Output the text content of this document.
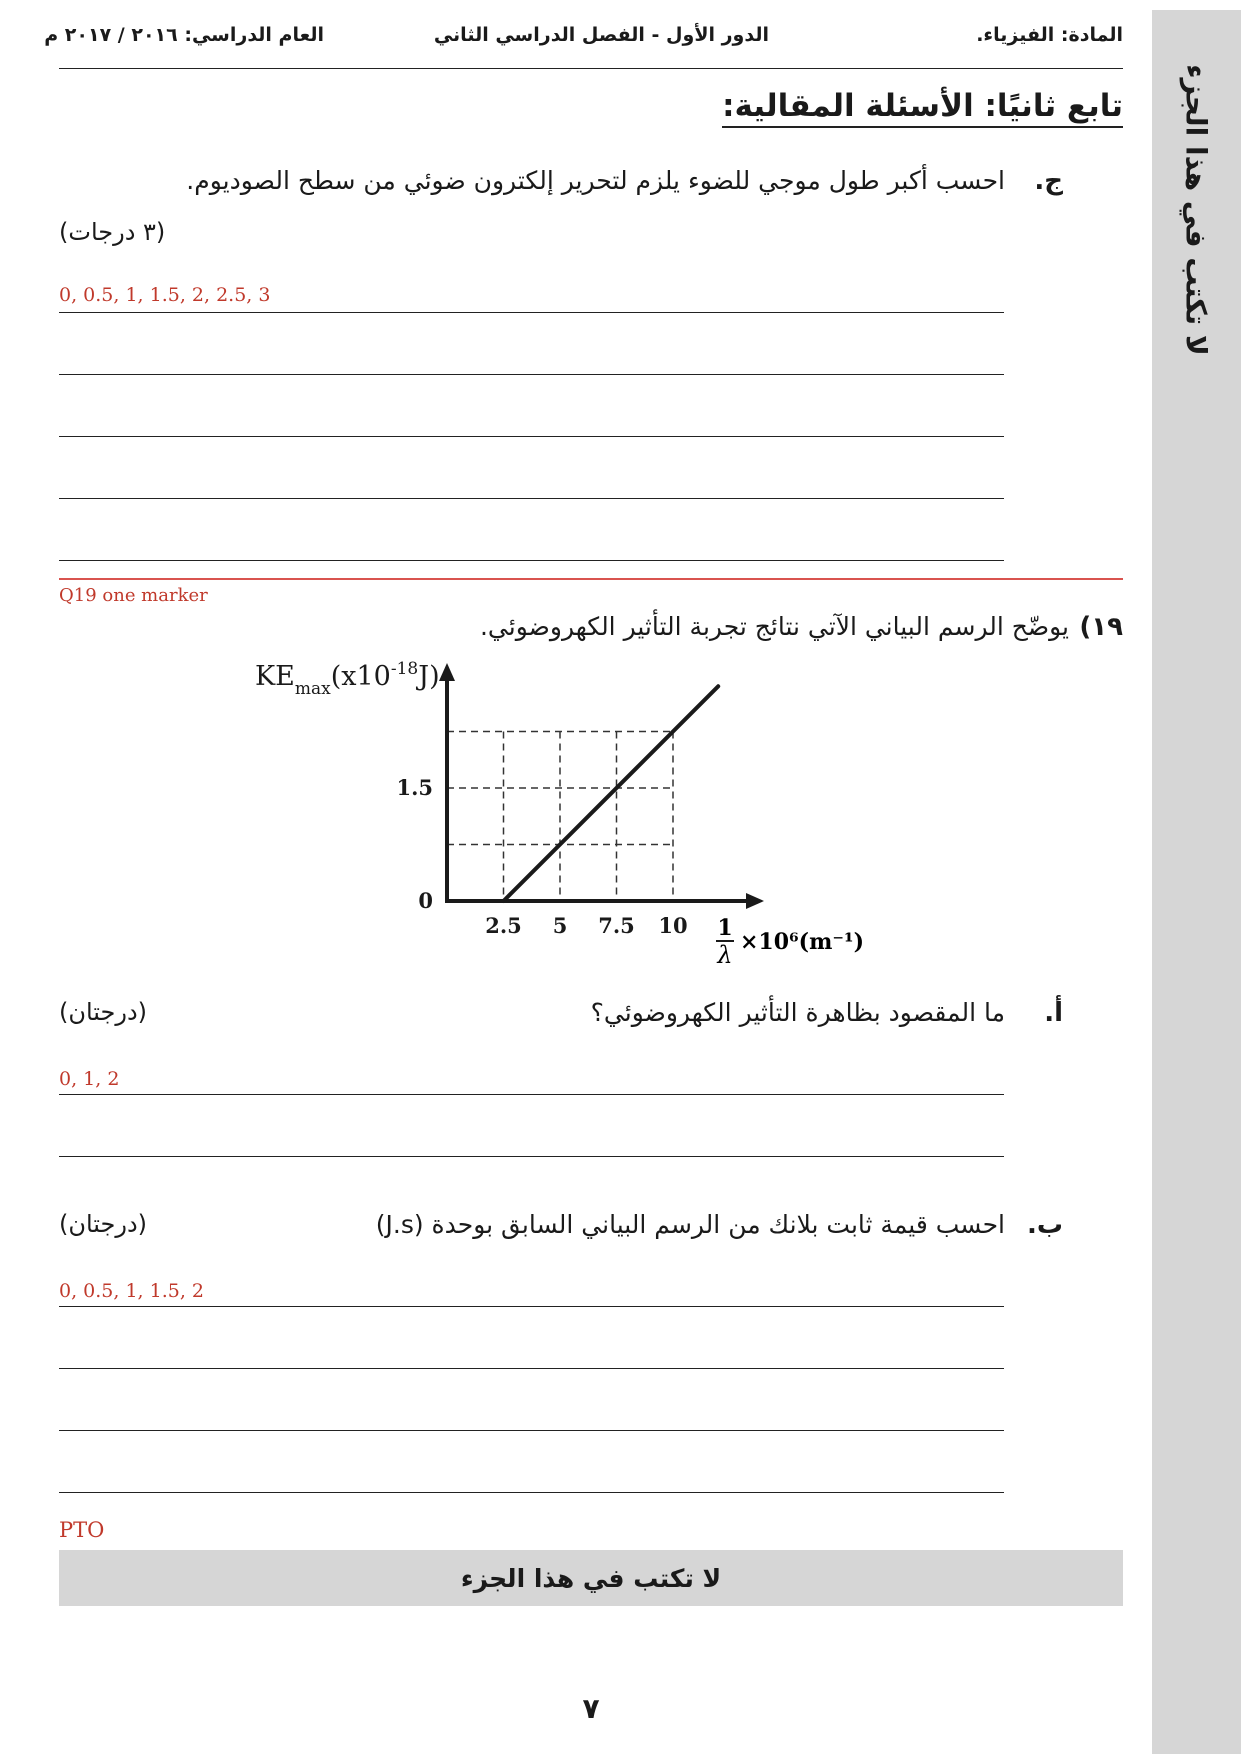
لا تكتب في هذا الجزء
المادة: الفيزياء.
الدور الأول - الفصل الدراسي الثاني
العام الدراسي: ٢٠١٦ / ٢٠١٧ م
تابع ثانيًا: الأسئلة المقالية:
ج.
احسب أكبر طول موجي للضوء يلزم لتحرير إلكترون ضوئي من سطح الصوديوم.
(٣ درجات)
0, 0.5, 1, 1.5, 2, 2.5, 3
Q19 one marker
١٩)
يوضّح الرسم البياني الآتي نتائج تجربة التأثير الكهروضوئي.
2.5 5 7.5 10
0
1.5
$KE_{max}(x10^{-18}J)$
1
λ ×10⁶(m⁻¹)
أ.
ما المقصود بظاهرة التأثير الكهروضوئي؟
(درجتان)
0, 1, 2
ب.
احسب قيمة ثابت بلانك من الرسم البياني السابق بوحدة (J.s)
(درجتان)
0, 0.5, 1, 1.5, 2
PTO
لا تكتب في هذا الجزء
٧
